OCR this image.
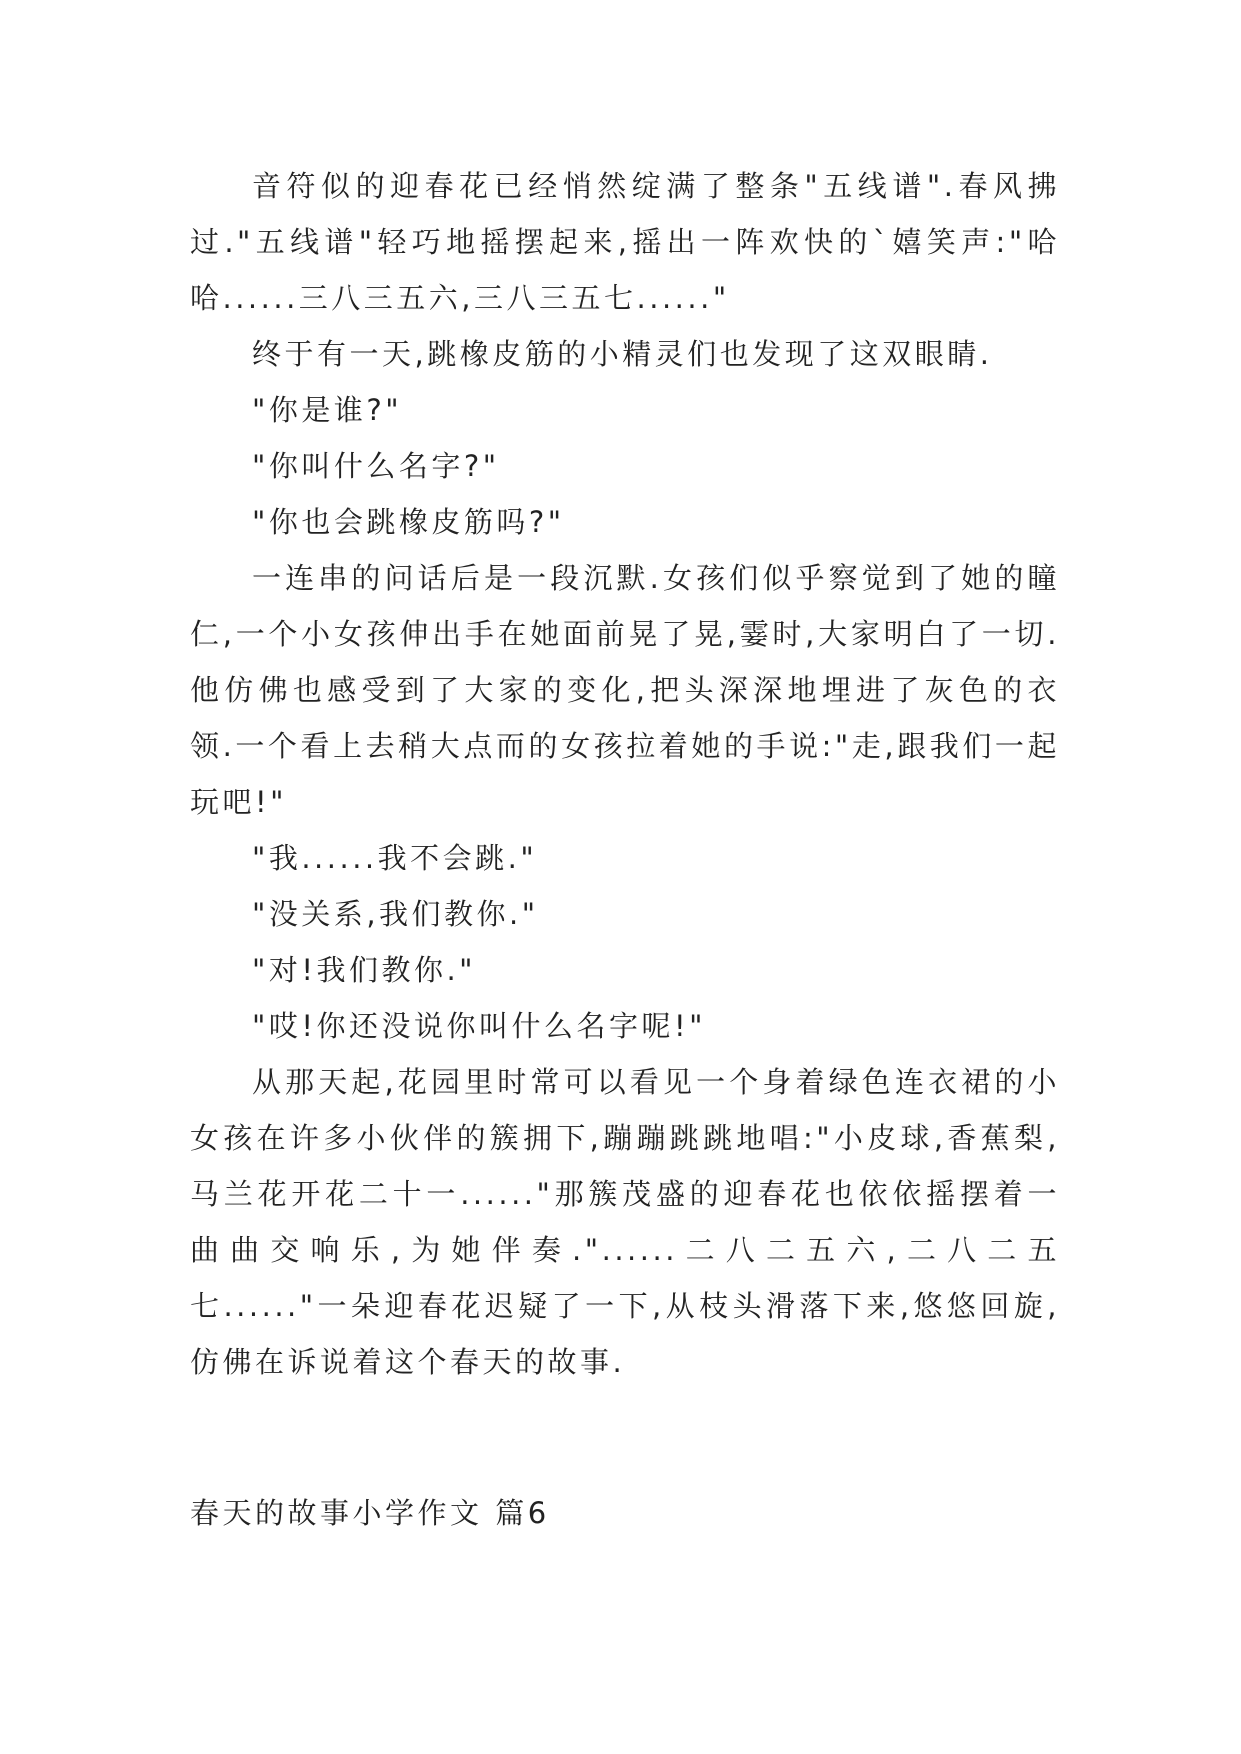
音符似的迎春花已经悄然绽满了整条"五线谱".春风拂过."五线谱"轻巧地摇摆起来,摇出一阵欢快的`嬉笑声:"哈哈......三八三五六,三八三五七......"

终于有一天,跳橡皮筋的小精灵们也发现了这双眼睛.

"你是谁?"

"你叫什么名字?"

"你也会跳橡皮筋吗?"

一连串的问话后是一段沉默.女孩们似乎察觉到了她的瞳仁,一个小女孩伸出手在她面前晃了晃,霎时,大家明白了一切.他仿佛也感受到了大家的变化,把头深深地埋进了灰色的衣领.一个看上去稍大点而的女孩拉着她的手说:"走,跟我们一起玩吧!"

"我......我不会跳."

"没关系,我们教你."

"对!我们教你."

"哎!你还没说你叫什么名字呢!"

从那天起,花园里时常可以看见一个身着绿色连衣裙的小女孩在许多小伙伴的簇拥下,蹦蹦跳跳地唱:"小皮球,香蕉梨,马兰花开花二十一......"那簇茂盛的迎春花也依依摇摆着一曲曲交响乐,为她伴奏."......二八二五六,二八二五七......"一朵迎春花迟疑了一下,从枝头滑落下来,悠悠回旋,仿佛在诉说着这个春天的故事.

春天的故事小学作文 篇6
